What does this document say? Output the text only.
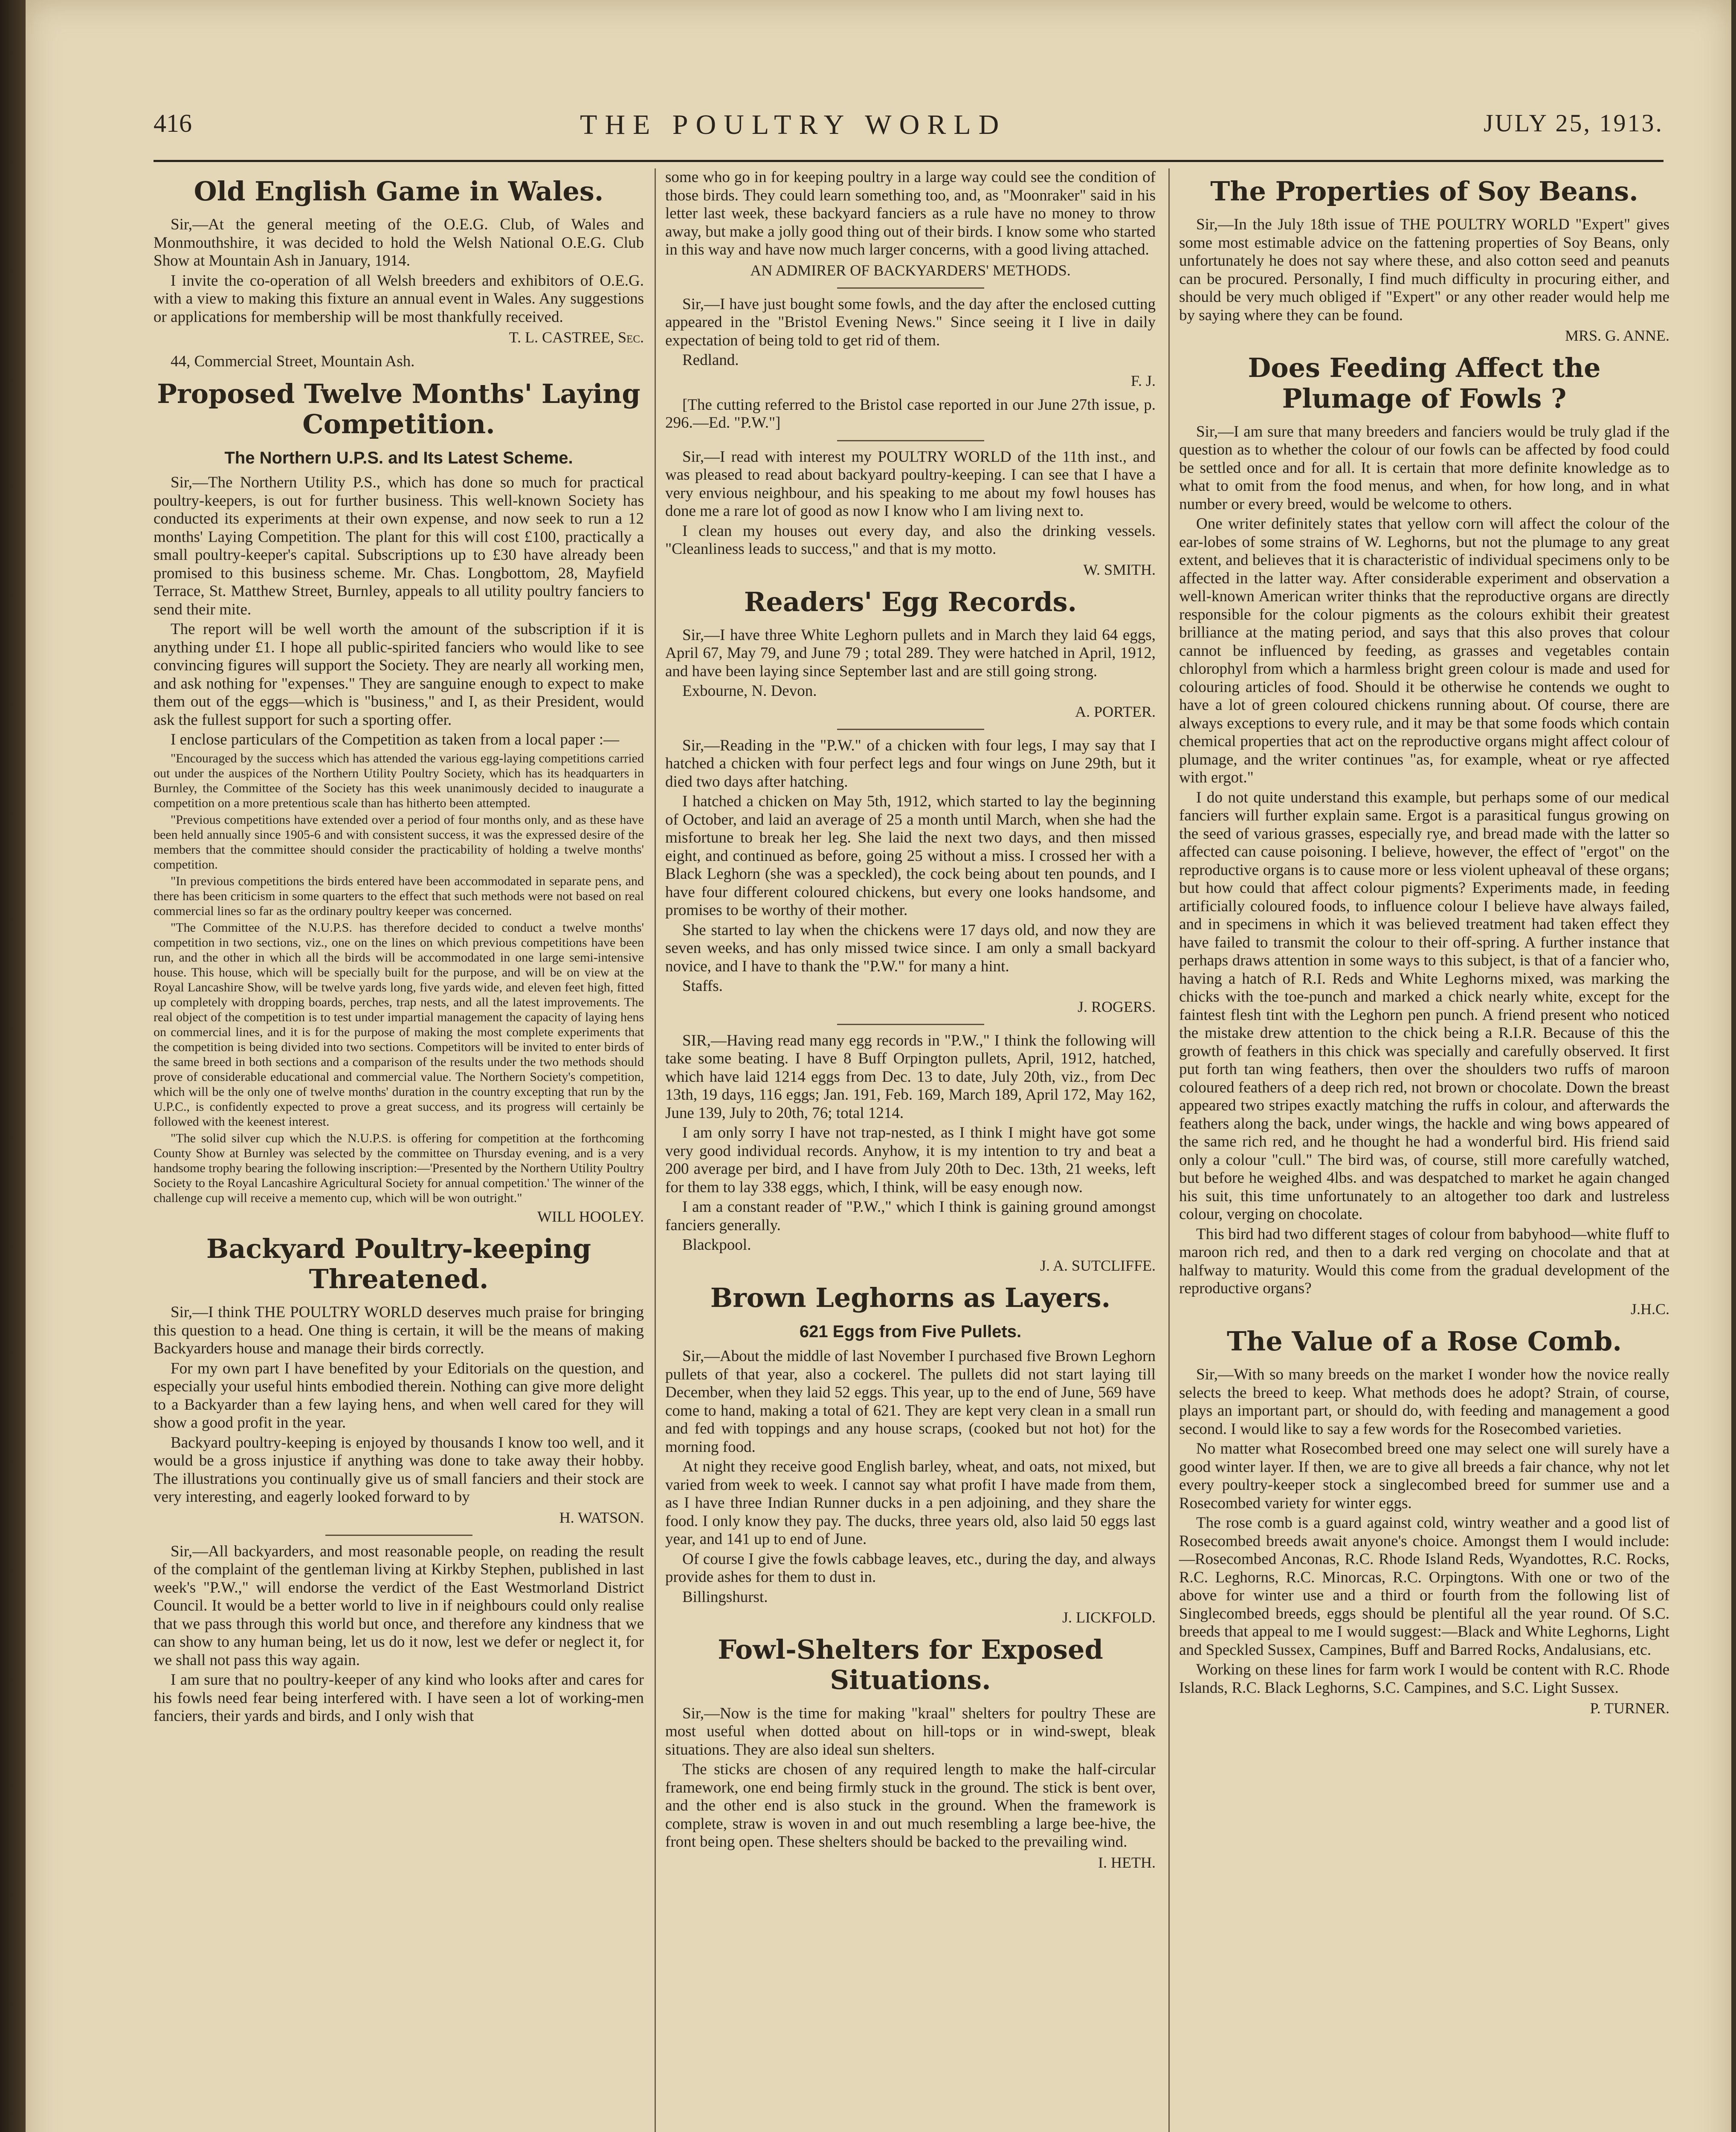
416	THE POULTRY WORLD	JULY 25, 1913.
Old English Game in Wales.

Sir,—At the general meeting of the O.E.G. Club, of Wales and Monmouthshire, it was decided to hold the Welsh National O.E.G. Club Show at Mountain Ash in January, 1914.

I invite the co-operation of all Welsh breeders and exhibitors of O.E.G. with a view to making this fixture an annual event in Wales. Any suggestions or applications for membership will be most thankfully received.

T. L. CASTREE, Sec.

44, Commercial Street, Mountain Ash.

Proposed Twelve Months' Laying Competition.
The Northern U.P.S. and Its Latest Scheme.

Sir,—The Northern Utility P.S., which has done so much for practical poultry-keepers, is out for further business. This well-known Society has conducted its experiments at their own expense, and now seek to run a 12 months' Laying Competition. The plant for this will cost £100, practically a small poultry-keeper's capital. Subscriptions up to £30 have already been promised to this business scheme. Mr. Chas. Longbottom, 28, Mayfield Terrace, St. Matthew Street, Burnley, appeals to all utility poultry fanciers to send their mite.

The report will be well worth the amount of the subscription if it is anything under £1. I hope all public-spirited fanciers who would like to see convincing figures will support the Society. They are nearly all working men, and ask nothing for "expenses." They are sanguine enough to expect to make them out of the eggs—which is "business," and I, as their President, would ask the fullest support for such a sporting offer.

I enclose particulars of the Competition as taken from a local paper :—

"Encouraged by the success which has attended the various egg-laying competitions carried out under the auspices of the Northern Utility Poultry Society, which has its headquarters in Burnley, the Committee of the Society has this week unanimously decided to inaugurate a competition on a more pretentious scale than has hitherto been attempted.

"Previous competitions have extended over a period of four months only, and as these have been held annually since 1905-6 and with consistent success, it was the expressed desire of the members that the committee should consider the practicability of holding a twelve months' competition.

"In previous competitions the birds entered have been accommodated in separate pens, and there has been criticism in some quarters to the effect that such methods were not based on real commercial lines so far as the ordinary poultry keeper was concerned.

"The Committee of the N.U.P.S. has therefore decided to conduct a twelve months' competition in two sections, viz., one on the lines on which previous competitions have been run, and the other in which all the birds will be accommodated in one large semi-intensive house. This house, which will be specially built for the purpose, and will be on view at the Royal Lancashire Show, will be twelve yards long, five yards wide, and eleven feet high, fitted up completely with dropping boards, perches, trap nests, and all the latest improvements. The real object of the competition is to test under impartial management the capacity of laying hens on commercial lines, and it is for the purpose of making the most complete experiments that the competition is being divided into two sections. Competitors will be invited to enter birds of the same breed in both sections and a comparison of the results under the two methods should prove of considerable educational and commercial value. The Northern Society's competition, which will be the only one of twelve months' duration in the country excepting that run by the U.P.C., is confidently expected to prove a great success, and its progress will certainly be followed with the keenest interest.

"The solid silver cup which the N.U.P.S. is offering for competition at the forthcoming County Show at Burnley was selected by the committee on Thursday evening, and is a very handsome trophy bearing the following inscription:—'Presented by the Northern Utility Poultry Society to the Royal Lancashire Agricultural Society for annual competition.' The winner of the challenge cup will receive a memento cup, which will be won outright."

WILL HOOLEY.
Backyard Poultry-keeping Threatened.

Sir,—I think THE POULTRY WORLD deserves much praise for bringing this question to a head. One thing is certain, it will be the means of making Backyarders house and manage their birds correctly.

For my own part I have benefited by your Editorials on the question, and especially your useful hints embodied therein. Nothing can give more delight to a Backyarder than a few laying hens, and when well cared for they will show a good profit in the year.

Backyard poultry-keeping is enjoyed by thousands I know too well, and it would be a gross injustice if anything was done to take away their hobby. The illustrations you continually give us of small fanciers and their stock are very interesting, and eagerly looked forward to by

H. WATSON.

Sir,—All backyarders, and most reasonable people, on reading the result of the complaint of the gentleman living at Kirkby Stephen, published in last week's "P.W.," will endorse the verdict of the East Westmorland District Council. It would be a better world to live in if neighbours could only realise that we pass through this world but once, and therefore any kindness that we can show to any human being, let us do it now, lest we defer or neglect it, for we shall not pass this way again.

I am sure that no poultry-keeper of any kind who looks after and cares for his fowls need fear being interfered with. I have seen a lot of working-men fanciers, their yards and birds, and I only wish that

some who go in for keeping poultry in a large way could see the condition of those birds. They could learn something too, and, as "Moonraker" said in his letter last week, these backyard fanciers as a rule have no money to throw away, but make a jolly good thing out of their birds. I know some who started in this way and have now much larger concerns, with a good living attached.

AN ADMIRER OF BACKYARDERS' METHODS.

Sir,—I have just bought some fowls, and the day after the enclosed cutting appeared in the "Bristol Evening News." Since seeing it I live in daily expectation of being told to get rid of them.

Redland.

F. J.

[The cutting referred to the Bristol case reported in our June 27th issue, p. 296.—Ed. "P.W."]

Sir,—I read with interest my POULTRY WORLD of the 11th inst., and was pleased to read about backyard poultry-keeping. I can see that I have a very envious neighbour, and his speaking to me about my fowl houses has done me a rare lot of good as now I know who I am living next to.

I clean my houses out every day, and also the drinking vessels. "Cleanliness leads to success," and that is my motto.

W. SMITH.
Readers' Egg Records.

Sir,—I have three White Leghorn pullets and in March they laid 64 eggs, April 67, May 79, and June 79 ; total 289. They were hatched in April, 1912, and have been laying since September last and are still going strong.

Exbourne, N. Devon.

A. PORTER.

Sir,—Reading in the "P.W." of a chicken with four legs, I may say that I hatched a chicken with four perfect legs and four wings on June 29th, but it died two days after hatching.

I hatched a chicken on May 5th, 1912, which started to lay the beginning of October, and laid an average of 25 a month until March, when she had the misfortune to break her leg. She laid the next two days, and then missed eight, and continued as before, going 25 without a miss. I crossed her with a Black Leghorn (she was a speckled), the cock being about ten pounds, and I have four different coloured chickens, but every one looks handsome, and promises to be worthy of their mother.

She started to lay when the chickens were 17 days old, and now they are seven weeks, and has only missed twice since. I am only a small backyard novice, and I have to thank the "P.W." for many a hint.

Staffs.

J. ROGERS.

SIR,—Having read many egg records in "P.W.," I think the following will take some beating. I have 8 Buff Orpington pullets, April, 1912, hatched, which have laid 1214 eggs from Dec. 13 to date, July 20th, viz., from Dec 13th, 19 days, 116 eggs; Jan. 191, Feb. 169, March 189, April 172, May 162, June 139, July to 20th, 76; total 1214.

I am only sorry I have not trap-nested, as I think I might have got some very good individual records. Anyhow, it is my intention to try and beat a 200 average per bird, and I have from July 20th to Dec. 13th, 21 weeks, left for them to lay 338 eggs, which, I think, will be easy enough now.

I am a constant reader of "P.W.," which I think is gaining ground amongst fanciers generally.

Blackpool.

J. A. SUTCLIFFE.
Brown Leghorns as Layers.
621 Eggs from Five Pullets.

Sir,—About the middle of last November I purchased five Brown Leghorn pullets of that year, also a cockerel. The pullets did not start laying till December, when they laid 52 eggs. This year, up to the end of June, 569 have come to hand, making a total of 621. They are kept very clean in a small run and fed with toppings and any house scraps, (cooked but not hot) for the morning food.

At night they receive good English barley, wheat, and oats, not mixed, but varied from week to week. I cannot say what profit I have made from them, as I have three Indian Runner ducks in a pen adjoining, and they share the food. I only know they pay. The ducks, three years old, also laid 50 eggs last year, and 141 up to end of June.

Of course I give the fowls cabbage leaves, etc., during the day, and always provide ashes for them to dust in.

Billingshurst.

J. LICKFOLD.
Fowl-Shelters for Exposed Situations.

Sir,—Now is the time for making "kraal" shelters for poultry These are most useful when dotted about on hill-tops or in wind-swept, bleak situations. They are also ideal sun shelters.

The sticks are chosen of any required length to make the half-circular framework, one end being firmly stuck in the ground. The stick is bent over, and the other end is also stuck in the ground. When the framework is complete, straw is woven in and out much resembling a large bee-hive, the front being open. These shelters should be backed to the prevailing wind.

I. HETH.
The Properties of Soy Beans.

Sir,—In the July 18th issue of THE POULTRY WORLD "Expert" gives some most estimable advice on the fattening properties of Soy Beans, only unfortunately he does not say where these, and also cotton seed and peanuts can be procured. Personally, I find much difficulty in procuring either, and should be very much obliged if "Expert" or any other reader would help me by saying where they can be found.

MRS. G. ANNE.
Does Feeding Affect the Plumage of Fowls ?

Sir,—I am sure that many breeders and fanciers would be truly glad if the question as to whether the colour of our fowls can be affected by food could be settled once and for all. It is certain that more definite knowledge as to what to omit from the food menus, and when, for how long, and in what number or every breed, would be welcome to others.

One writer definitely states that yellow corn will affect the colour of the ear-lobes of some strains of W. Leghorns, but not the plumage to any great extent, and believes that it is characteristic of individual specimens only to be affected in the latter way. After considerable experiment and observation a well-known American writer thinks that the reproductive organs are directly responsible for the colour pigments as the colours exhibit their greatest brilliance at the mating period, and says that this also proves that colour cannot be influenced by feeding, as grasses and vegetables contain chlorophyl from which a harmless bright green colour is made and used for colouring articles of food. Should it be otherwise he contends we ought to have a lot of green coloured chickens running about. Of course, there are always exceptions to every rule, and it may be that some foods which contain chemical properties that act on the reproductive organs might affect colour of plumage, and the writer continues "as, for example, wheat or rye affected with ergot."

I do not quite understand this example, but perhaps some of our medical fanciers will further explain same. Ergot is a parasitical fungus growing on the seed of various grasses, especially rye, and bread made with the latter so affected can cause poisoning. I believe, however, the effect of "ergot" on the reproductive organs is to cause more or less violent upheaval of these organs; but how could that affect colour pigments? Experiments made, in feeding artificially coloured foods, to influence colour I believe have always failed, and in specimens in which it was believed treatment had taken effect they have failed to transmit the colour to their off-spring. A further instance that perhaps draws attention in some ways to this subject, is that of a fancier who, having a hatch of R.I. Reds and White Leghorns mixed, was marking the chicks with the toe-punch and marked a chick nearly white, except for the faintest flesh tint with the Leghorn pen punch. A friend present who noticed the mistake drew attention to the chick being a R.I.R. Because of this the growth of feathers in this chick was specially and carefully observed. It first put forth tan wing feathers, then over the shoulders two ruffs of maroon coloured feathers of a deep rich red, not brown or chocolate. Down the breast appeared two stripes exactly matching the ruffs in colour, and afterwards the feathers along the back, under wings, the hackle and wing bows appeared of the same rich red, and he thought he had a wonderful bird. His friend said only a colour "cull." The bird was, of course, still more carefully watched, but before he weighed 4lbs. and was despatched to market he again changed his suit, this time unfortunately to an altogether too dark and lustreless colour, verging on chocolate.

This bird had two different stages of colour from babyhood—white fluff to maroon rich red, and then to a dark red verging on chocolate and that at halfway to maturity. Would this come from the gradual development of the reproductive organs?

J.H.C.
The Value of a Rose Comb.

Sir,—With so many breeds on the market I wonder how the novice really selects the breed to keep. What methods does he adopt? Strain, of course, plays an important part, or should do, with feeding and management a good second. I would like to say a few words for the Rosecombed varieties.

No matter what Rosecombed breed one may select one will surely have a good winter layer. If then, we are to give all breeds a fair chance, why not let every poultry-keeper stock a singlecombed breed for summer use and a Rosecombed variety for winter eggs.

The rose comb is a guard against cold, wintry weather and a good list of Rosecombed breeds await anyone's choice. Amongst them I would include:—Rosecombed Anconas, R.C. Rhode Island Reds, Wyandottes, R.C. Rocks, R.C. Leghorns, R.C. Minorcas, R.C. Orpingtons. With one or two of the above for winter use and a third or fourth from the following list of Singlecombed breeds, eggs should be plentiful all the year round. Of S.C. breeds that appeal to me I would suggest:—Black and White Leghorns, Light and Speckled Sussex, Campines, Buff and Barred Rocks, Andalusians, etc.

Working on these lines for farm work I would be content with R.C. Rhode Islands, R.C. Black Leghorns, S.C. Campines, and S.C. Light Sussex.

P. TURNER.
